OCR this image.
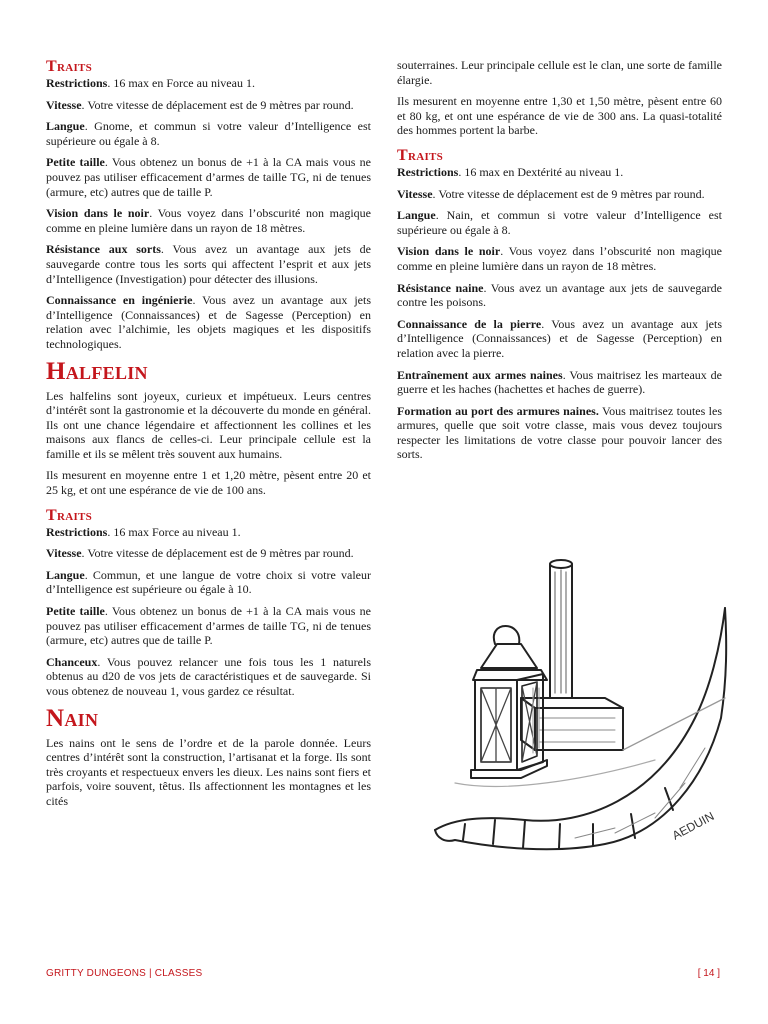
Traits

Restrictions. 16 max en Force au niveau 1.

Vitesse. Votre vitesse de déplacement est de 9 mètres par round.

Langue. Gnome, et commun si votre valeur d’Intelligence est supérieure ou égale à 8.

Petite taille. Vous obtenez un bonus de +1 à la CA mais vous ne pouvez pas utiliser efficacement d’armes de taille TG, ni de tenues (armure, etc) autres que de taille P.

Vision dans le noir. Vous voyez dans l’obscurité non magique comme en pleine lumière dans un rayon de 18 mètres.

Résistance aux sorts. Vous avez un avantage aux jets de sauvegarde contre tous les sorts qui affectent l’esprit et aux jets d’Intelligence (Investigation) pour détecter des illusions.

Connaissance en ingénierie. Vous avez un avantage aux jets d’Intelligence (Connaissances) et de Sagesse (Perception) en relation avec l’alchimie, les objets magiques et les dispositifs technologiques.

Halfelin

Les halfelins sont joyeux, curieux et impétueux. Leurs centres d’intérêt sont la gastronomie et la découverte du monde en général. Ils ont une chance légendaire et affectionnent les collines et les maisons aux flancs de celles-ci. Leur principale cellule est la famille et ils se mêlent très souvent aux humains.

Ils mesurent en moyenne entre 1 et 1,20 mètre, pèsent entre 20 et 25 kg, et ont une espérance de vie de 100 ans.

Traits

Restrictions. 16 max Force au niveau 1.

Vitesse. Votre vitesse de déplacement est de 9 mètres par round.

Langue. Commun, et une langue de votre choix si votre valeur d’Intelligence est supérieure ou égale à 10.

Petite taille. Vous obtenez un bonus de +1 à la CA mais vous ne pouvez pas utiliser efficacement d’armes de taille TG, ni de tenues (armure, etc) autres que de taille P.

Chanceux. Vous pouvez relancer une fois tous les 1 naturels obtenus au d20 de vos jets de caractéristiques et de sauvegarde. Si vous obtenez de nouveau 1, vous gardez ce résultat.

Nain

Les nains ont le sens de l’ordre et de la parole donnée. Leurs centres d’intérêt sont la construction, l’artisanat et la forge. Ils sont très croyants et respectueux envers les dieux. Les nains sont fiers et parfois, voire souvent, têtus. Ils affectionnent les montagnes et les cités

souterraines. Leur principale cellule est le clan, une sorte de famille élargie.

Ils mesurent en moyenne entre 1,30 et 1,50 mètre, pèsent entre 60 et 80 kg, et ont une espérance de vie de 300 ans. La quasi-totalité des hommes portent la barbe.

Traits

Restrictions. 16 max en Dextérité au niveau 1.

Vitesse. Votre vitesse de déplacement est de 9 mètres par round.

Langue. Nain, et commun si votre valeur d’Intelligence est supérieure ou égale à 8.

Vision dans le noir. Vous voyez dans l’obscurité non magique comme en pleine lumière dans un rayon de 18 mètres.

Résistance naine. Vous avez un avantage aux jets de sauvegarde contre les poisons.

Connaissance de la pierre. Vous avez un avantage aux jets d’Intelligence (Connaissances) et de Sagesse (Perception) en relation avec la pierre.

Entraînement aux armes naines. Vous maitrisez les marteaux de guerre et les haches (hachettes et haches de guerre).

Formation au port des armures naines. Vous maitrisez toutes les armures, quelle que soit votre classe, mais vous devez toujours respecter les limitations de votre classe pour pouvoir lancer des sorts.

AEDUIN
GRITTY DUNGEONS | CLASSES	[ 14 ]
